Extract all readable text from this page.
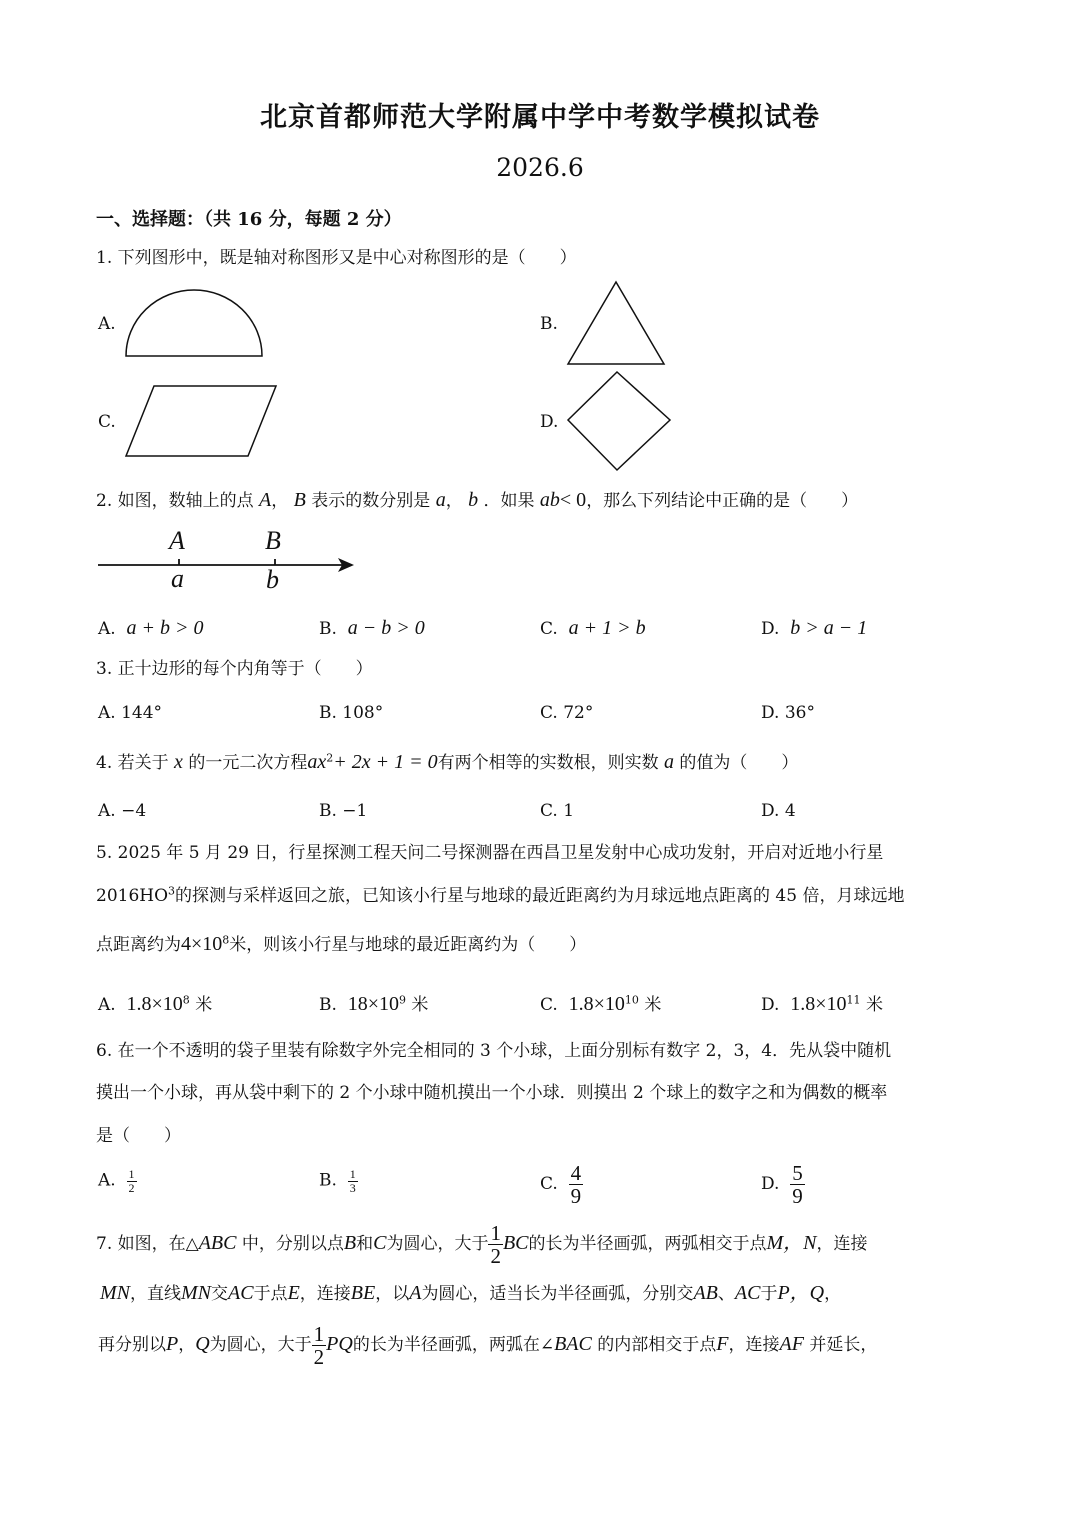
北京首都师范大学附属中学中考数学模拟试卷
2026.6
一、选择题：（共 16 分，每题 2 分）
1. 下列图形中，既是轴对称图形又是中心对称图形的是（　　）
A.	B.
C.	D.
2. 如图，数轴上的点 A， B 表示的数分别是 a， b ．如果 ab< 0，那么下列结论中正确的是（　　）
A	B
a	b
A. a + b > 0	B. a − b > 0	C. a + 1 > b	D. b > a − 1
3. 正十边形的每个内角等于（　　）
A. 144°	B. 108°	C. 72°	D. 36°
4. 若关于 x 的一元二次方程$ax^2+ 2x + 1 = 0$有两个相等的实数根，则实数 a 的值为（　　）
A. −4	B. −1	C. 1	D. 4
5. 2025 年 5 月 29 日，行星探测工程天问二号探测器在西昌卫星发射中心成功发射，开启对近地小行星
$2016HO^3$的探测与采样返回之旅，已知该小行星与地球的最近距离约为月球远地点距离的 45 倍，月球远地
点距离约为$4\times 10^8$米，则该小行星与地球的最近距离约为（　　）
A. $1.8\times 10^8$ 米	B. $18\times 10^9$ 米	C. $1.8\times 10^{10}$ 米	D. $1.8\times 10^{11}$ 米
6. 在一个不透明的袋子里装有除数字外完全相同的 3 个小球，上面分别标有数字 2，3，4．先从袋中随机
摸出一个小球，再从袋中剩下的 2 个小球中随机摸出一个小球．则摸出 2 个球上的数字之和为偶数的概率
是（　　）
A. $\frac{1}{2}$	B. $\frac{1}{3}$	C. $\frac{4}{9}$	D. $\frac{5}{9}$
7. 如图，在△ABC 中，分别以点B和C为圆心，大于 $\frac{1}{2}$ BC的长为半径画弧，两弧相交于点M，N，连接
MN，直线MN交AC于点E，连接BE，以A为圆心，适当长为半径画弧，分别交AB、AC于P，Q，
再分别以P，Q为圆心，大于 $\frac{1}{2}$ PQ的长为半径画弧，两弧在∠BAC 的内部相交于点F，连接AF 并延长，
